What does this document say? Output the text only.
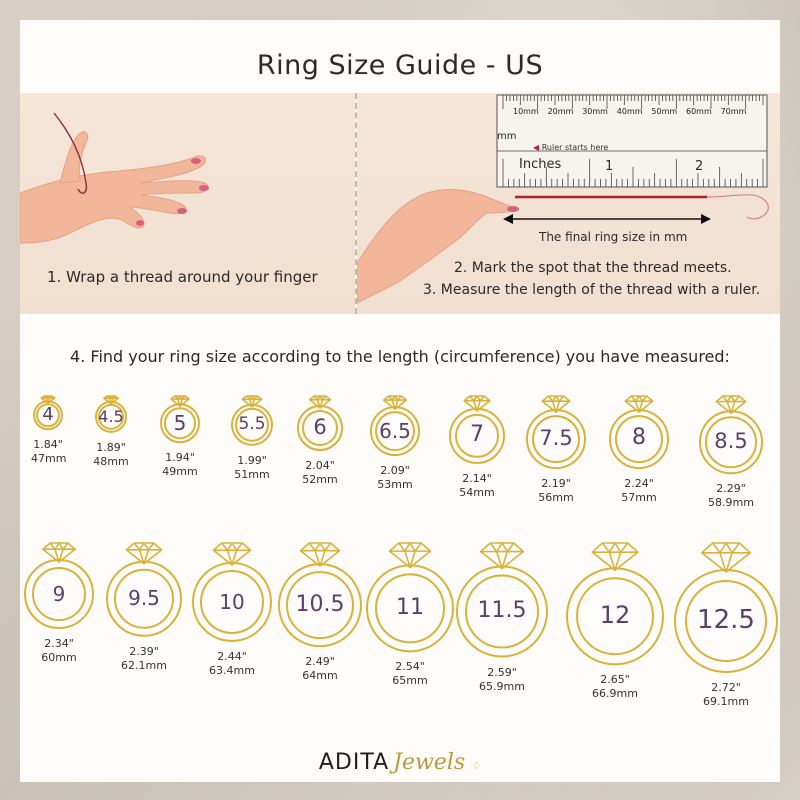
Ring Size Guide - US
1. Wrap a thread around your finger
10mm 20mm 30mm 40mm 50mm 60mm 70mm
mm
◀ Ruler starts here
Inches	1	2
The final ring size in mm
2. Mark the spot that the thread meets.
3. Measure the length of the thread with a ruler.
4. Find your ring size according to the length (circumference) you have measured:
4
1.84"
47mm
4.5
1.89"
48mm
5
1.94"
49mm
5.5
1.99"
51mm
6
2.04"
52mm
6.5
2.09"
53mm
7
2.14"
54mm
7.5
2.19"
56mm
8
2.24"
57mm
8.5
2.29"
58.9mm
9
2.34"
60mm
9.5
2.39"
62.1mm
10
2.44"
63.4mm
10.5
2.49"
64mm
11
2.54"
65mm
11.5
2.59"
65.9mm
12
2.65"
66.9mm
12.5
2.72"
69.1mm
ADITA Jewels ♢
